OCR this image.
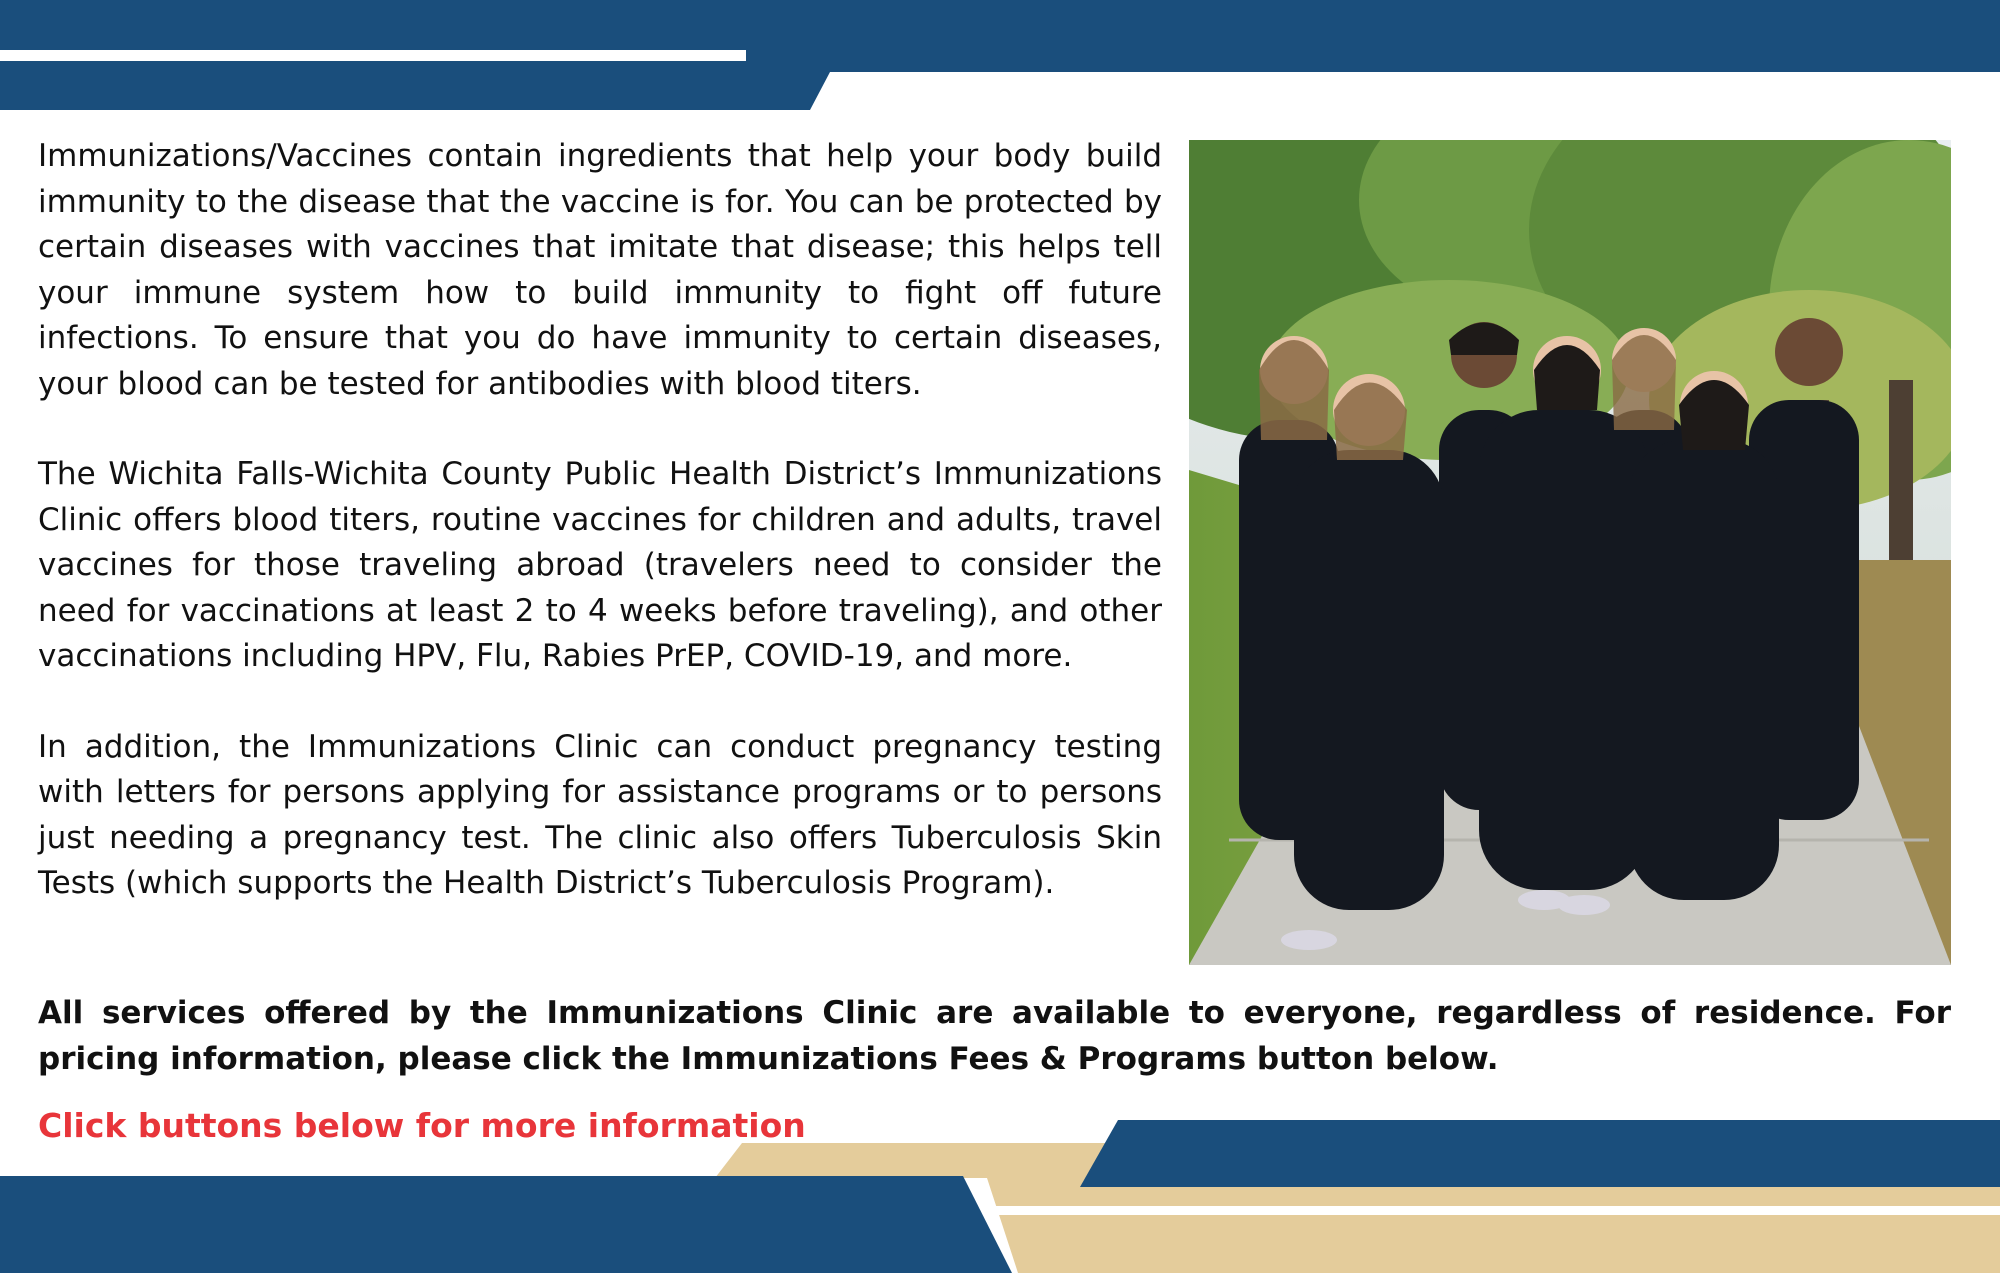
Immunizations/Vaccines contain ingredients that help your body build immunity to the disease that the vaccine is for. You can be protected by certain diseases with vaccines that imitate that disease; this helps tell your immune system how to build immunity to fight off future infections. To ensure that you do have immunity to certain diseases, your blood can be tested for antibodies with blood titers.

The Wichita Falls-Wichita County Public Health District’s Immunizations Clinic offers blood titers, routine vaccines for children and adults, travel vaccines for those traveling abroad (travelers need to consider the need for vaccinations at least 2 to 4 weeks before traveling), and other vaccinations including HPV, Flu, Rabies PrEP, COVID-19, and more.

In addition, the Immunizations Clinic can conduct pregnancy testing with letters for persons applying for assistance programs or to persons just needing a pregnancy test. The clinic also offers Tuberculosis Skin Tests (which supports the Health District’s Tuberculosis Program).

All services offered by the Immunizations Clinic are available to everyone, regardless of residence. For pricing information, please click the Immunizations Fees & Programs button below.

Click buttons below for more information
